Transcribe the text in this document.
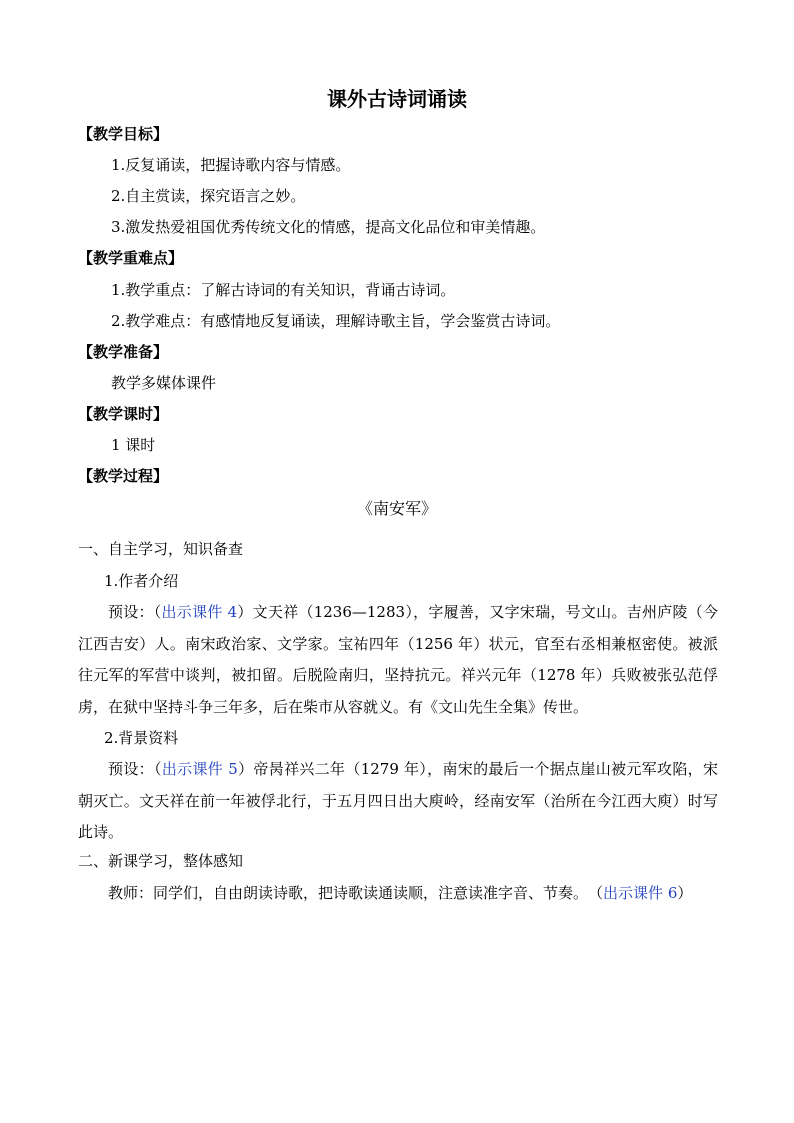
课外古诗词诵读
【教学目标】
1.反复诵读，把握诗歌内容与情感。
2.自主赏读，探究语言之妙。
3.激发热爱祖国优秀传统文化的情感，提高文化品位和审美情趣。
【教学重难点】
1.教学重点：了解古诗词的有关知识，背诵古诗词。
2.教学难点：有感情地反复诵读，理解诗歌主旨，学会鉴赏古诗词。
【教学准备】
教学多媒体课件
【教学课时】
1 课时
【教学过程】
《南安军》
一、自主学习，知识备查
1.作者介绍
预设：（出示课件 4）文天祥（1236—1283），字履善，又字宋瑞，号文山。吉州庐陵（今江西吉安）人。南宋政治家、文学家。宝祐四年（1256 年）状元，官至右丞相兼枢密使。被派往元军的军营中谈判，被扣留。后脱险南归，坚持抗元。祥兴元年（1278 年）兵败被张弘范俘虏，在狱中坚持斗争三年多，后在柴市从容就义。有《文山先生全集》传世。
2.背景资料
预设：（出示课件 5）帝昺祥兴二年（1279 年），南宋的最后一个据点崖山被元军攻陷，宋朝灭亡。文天祥在前一年被俘北行，于五月四日出大庾岭，经南安军（治所在今江西大庾）时写此诗。
二、新课学习，整体感知
教师：同学们，自由朗读诗歌，把诗歌读通读顺，注意读准字音、节奏。　 （出示课件 6）
